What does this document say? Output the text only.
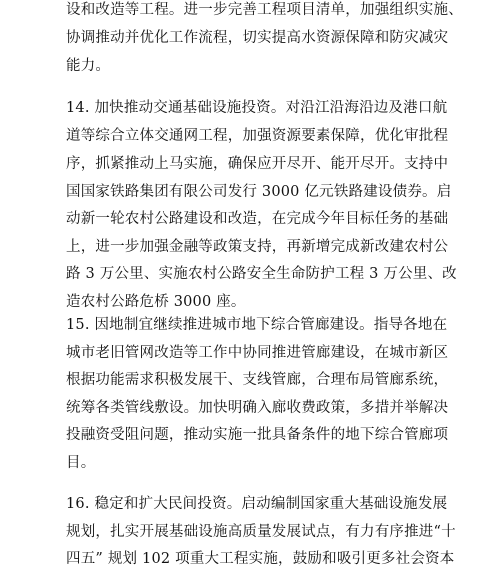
设和改造等工程。进一步完善工程项目清单，加强组织实施、
协调推动并优化工作流程，切实提高水资源保障和防灾减灾
能力。
14. 加快推动交通基础设施投资。对沿江沿海沿边及港口航
道等综合立体交通网工程，加强资源要素保障，优化审批程
序，抓紧推动上马实施，确保应开尽开、能开尽开。支持中
国国家铁路集团有限公司发行 3000 亿元铁路建设债券。启
动新一轮农村公路建设和改造，在完成今年目标任务的基础
上，进一步加强金融等政策支持，再新增完成新改建农村公
路 3 万公里、实施农村公路安全生命防护工程 3 万公里、改
造农村公路危桥 3000 座。
15. 因地制宜继续推进城市地下综合管廊建设。指导各地在
城市老旧管网改造等工作中协同推进管廊建设，在城市新区
根据功能需求积极发展干、支线管廊，合理布局管廊系统，
统筹各类管线敷设。加快明确入廊收费政策，多措并举解决
投融资受阻问题，推动实施一批具备条件的地下综合管廊项
目。
16. 稳定和扩大民间投资。启动编制国家重大基础设施发展
规划，扎实开展基础设施高质量发展试点，有力有序推进“十
四五” 规划 102 项重大工程实施，鼓励和吸引更多社会资本
